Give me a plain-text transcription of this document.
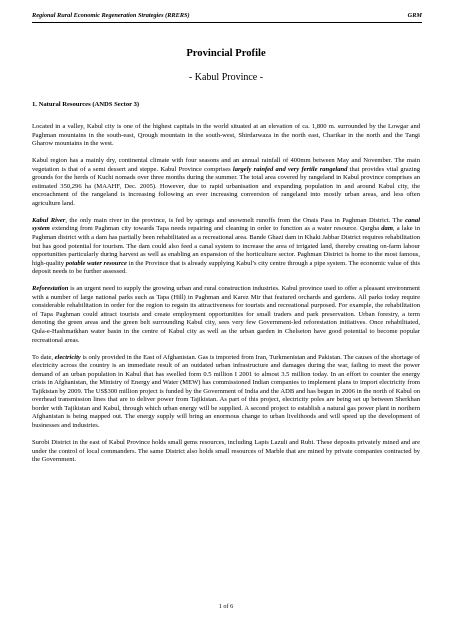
Regional Rural Economic Regeneration Strategies (RRERS)	GRM
Provincial Profile
- Kabul Province -
1. Natural Resources (ANDS Sector 3)

Located in a valley, Kabul city is one of the highest capitals in the world situated at an elevation of ca. 1,800 m. surrounded by the Lowgar and Paghman mountains in the south-east, Qrough mountain in the south-west, Shirdarwaza in the north east, Charikar in the north and the Tangi Gharow mountains in the west.

Kabul region has a mainly dry, continental climate with four seasons and an annual rainfall of 400mm between May and November. The main vegetation is that of a semi dessert and steppe. Kabul Province comprises largely rainfed and very fertile rangeland that provides vital grazing grounds for the herds of Kuchi nomads over three months during the summer. The total area covered by rangeland in Kabul province comprises an estimated 350,296 ha (MAAHF, Dec. 2005). However, due to rapid urbanisation and expanding population in and around Kabul city, the encroachment of the rangeland is increasing following an ever increasing conversion of rangeland into mostly urban areas, and less often agriculture land.

Kabul River, the only main river in the province, is fed by springs and snowmelt runoffs from the Onais Pass in Paghman District. The canal system extending from Paghman city towards Tapa needs repairing and cleaning in order to function as a water resource. Qargha dam, a lake in Paghman district with a dam has partially been rehabilitated as a recreational area. Bande Ghazi dam in Khaki Jabbar District requires rehabilitation but has good potential for tourism. The dam could also feed a canal system to increase the area of irrigated land, thereby creating on-farm labour opportunities particularly during harvest as well as enabling an expansion of the horticulture sector. Paghman District is home to the most famous, high-quality potable water resource in the Province that is already supplying Kabul’s city centre through a pipe system. The economic value of this deposit needs to be further assessed.

Reforestation is an urgent need to supply the growing urban and rural construction industries. Kabul province used to offer a pleasant environment with a number of large national parks such as Tapa (Hill) in Paghman and Karez Mir that featured orchards and gardens. All parks today require considerable rehabilitation in order for the region to regain its attractiveness for tourists and recreational purposed. For example, the rehabilitation of Tapa Paghman could attract tourists and create employment opportunities for small traders and park preservation. Urban forestry, a term denoting the green areas and the green belt surrounding Kabul city, sees very few Government-led reforestation initiatives. Once rehabilitated, Qula-e-Hashmatkhan water basin in the centre of Kabul city as well as the urban garden in Chelseton have good potential to become popular recreational areas.

To date, electricity is only provided in the East of Afghanistan. Gas is imported from Iran, Turkmenistan and Pakistan. The causes of the shortage of electricity across the country is an immediate result of an outdated urban infrastructure and damages during the war, failing to meet the power demand of an urban population in Kabul that has swelled form 0.5 million I 2001 to almost 3.5 million today. In an effort to counter the energy crisis in Afghanistan, the Ministry of Energy and Water (MEW) has commissioned Indian companies to implement plans to import electricity from Tajikistan by 2009. The US$300 million project is funded by the Government of India and the ADB and has begun in 2006 in the north of Kabul on overhead transmission lines that are to deliver power from Tajikistan. As part of this project, electricity poles are being set up between Sherkhan border with Tajikistan and Kabul, through which urban energy will be supplied. A second project to establish a natural gas power plant in northern Afghanistan is being mapped out. The energy supply will bring an enormous change to urban livelihoods and will speed up the development of businesses and industries.

Surobi District in the east of Kabul Province holds small gems resources, including Lapis Lazuli and Rubi. These deposits privately mined and are under the control of local commanders. The same District also holds small resources of Marble that are mined by private companies contracted by the Government.

1 of 6
